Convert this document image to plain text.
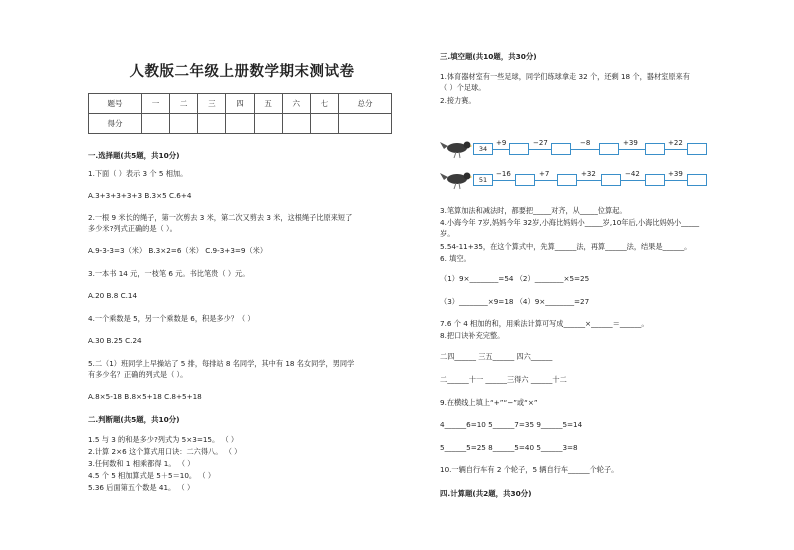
人教版二年级上册数学期末测试卷
题号	一	二	三	四	五	六	七	总分
得分								
一.选择题(共5题，共10分)
1.下面（ ）表示 3 个 5 相加。
A.3+3+3+3+3 B.3×5 C.6+4
2.一根 9 米长的绳子，第一次剪去 3 米，第二次又剪去 3 米，这根绳子比原来短了
多少米?列式正确的是（ ）。
A.9-3-3=3（米） B.3×2=6（米） C.9-3+3=9（米）
3.一本书 14 元，一枝笔 6 元。书比笔贵（ ）元。
A.20 B.8 C.14
4.一个乘数是 5，另一个乘数是 6，积是多少？（ ）
A.30 B.25 C.24
5.二（1）班同学上早操站了 5 排，每排站 8 名同学，其中有 18 名女同学，男同学
有多少名？正确的列式是（ ）。
A.8×5-18 B.8×5+18 C.8+5+18
二.判断题(共5题，共10分)
1.5 与 3 的和是多少?列式为 5×3=15。 （ ）
2.计算 2×6 这个算式用口诀：二六得八。 （ ）
3.任何数和 1 相乘都得 1。 （ ）
4.5 个 5 相加算式是 5＋5＝10。 （ ）
5.36 后面第五个数是 41。 （ ）
三.填空题(共10题，共30分)
1.体育器材室有一些足球，同学们练球拿走 32 个，还剩 18 个，器材室原来有
（ ）个足球。
2.接力赛。
34
+9	−27	−8	+39	+22
51
−16	+7	+32	−42	+39
3.笔算加法和减法时，都要把_____对齐，从_____位算起。
4.小海今年 7岁,妈妈今年 32岁,小海比妈妈小_____岁,10年后,小海比妈妈小_____
岁。
5.54-11+35，在这个算式中，先算______法，再算______法，结果是______。
6. 填空。
（1）9×________=54 （2）________×5=25
（3）________×9=18 （4）9×________=27
7.6 个 4 相加的和，用乘法计算可写成______×______＝______。
8.把口诀补充完整。
二四______ 三五______ 四六______
二______十一 ______三得六 ______十二
9.在横线上填上“+”“−”或“×”
4______6=10 5______7=35 9______5=14
5______5=25 8______5=40 5______3=8
10.一辆自行车有 2 个轮子，5 辆自行车______个轮子。
四.计算题(共2题，共30分)
